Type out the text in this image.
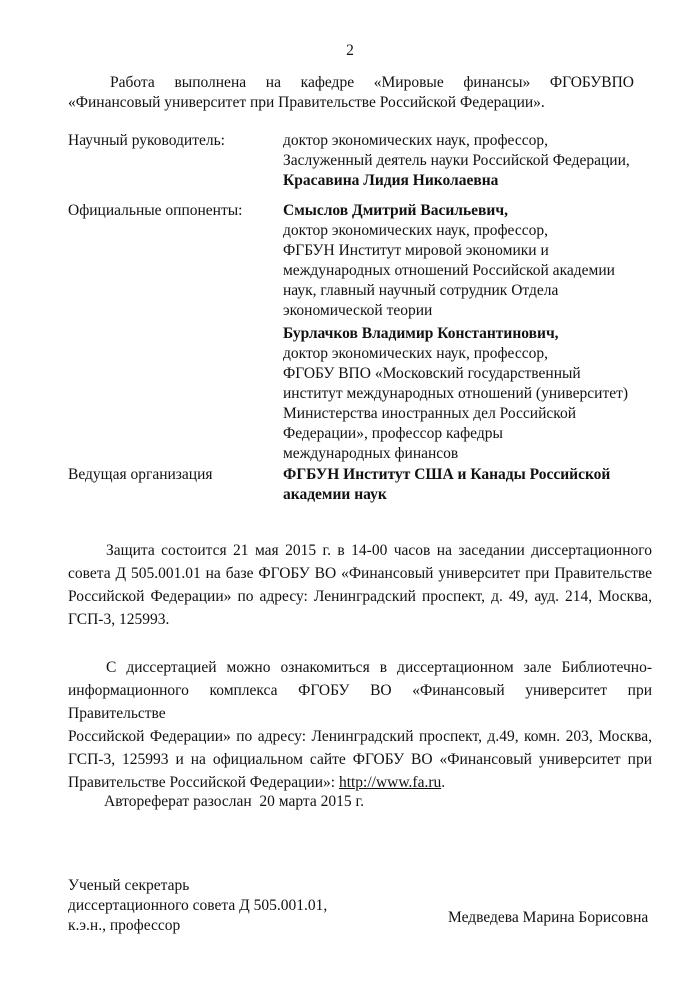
2
Работа выполнена на кафедре «Мировые финансы» ФГОБУВПО «Финансовый университет при Правительстве Российской Федерации».
Научный руководитель:	доктор экономических наук, профессор,
Заслуженный деятель науки Российской Федерации,
Красавина Лидия Николаевна
Официальные оппоненты:	Смыслов Дмитрий Васильевич,
доктор экономических наук, профессор,
ФГБУН Институт мировой экономики и
международных отношений Российской академии
наук, главный научный сотрудник Отдела
экономической теории
Бурлачков Владимир Константинович,
доктор экономических наук, профессор,
ФГОБУ ВПО «Московский государственный
институт международных отношений (университет)
Министерства иностранных дел Российской
Федерации», профессор кафедры
международных финансов
Ведущая организация	ФГБУН Институт США и Канады Российской
академии наук
Защита состоится 21 мая 2015 г. в 14-00 часов на заседании диссертационного
совета Д 505.001.01 на базе ФГОБУ ВО «Финансовый университет при Правительстве
Российской Федерации» по адресу: Ленинградский проспект, д. 49, ауд. 214, Москва,
ГСП-3, 125993.
С диссертацией можно ознакомиться в диссертационном зале Библиотечно-
информационного комплекса ФГОБУ ВО «Финансовый университет при Правительстве
Российской Федерации» по адресу: Ленинградский проспект, д.49, комн. 203, Москва,
ГСП-3, 125993 и на официальном сайте ФГОБУ ВО «Финансовый университет при
Правительстве Российской Федерации»: http://www.fa.ru.
Автореферат разослан  20 марта 2015 г.
Ученый секретарь
диссертационного совета Д 505.001.01,
к.э.н., профессор	Медведева Марина Борисовна
